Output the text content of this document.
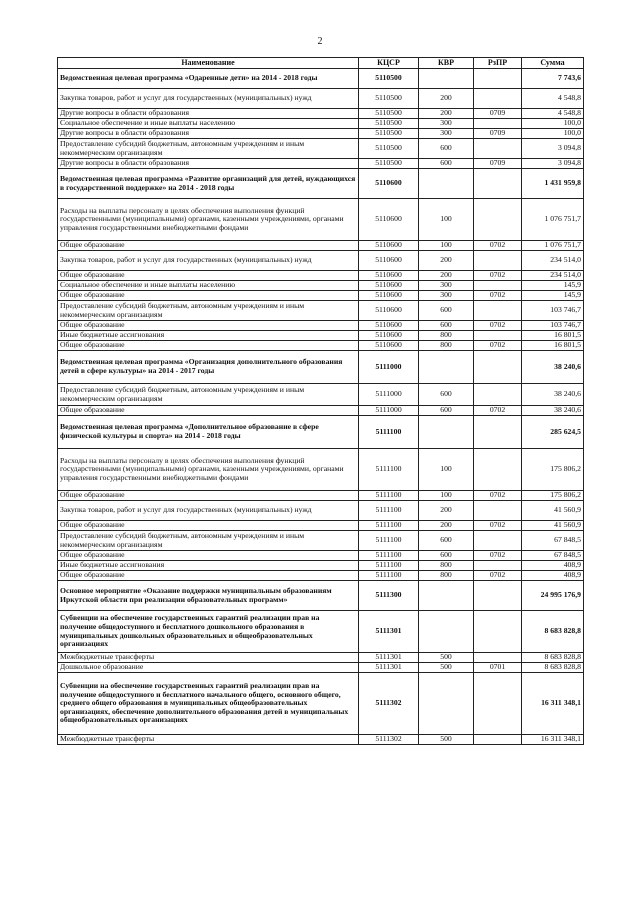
2
Наименование	КЦСР	КВР	РзПР	Сумма
Ведомственная целевая программа «Одаренные дети» на 2014 - 2018 годы	5110500			7 743,6
Закупка товаров, работ и услуг для государственных (муниципальных) нужд	5110500	200		4 548,8
Другие вопросы в области образования	5110500	200	0709	4 548,8
Социальное обеспечение и иные выплаты населению	5110500	300		100,0
Другие вопросы в области образования	5110500	300	0709	100,0
Предоставление субсидий бюджетным, автономным учреждениям и иным некоммерческим организациям	5110500	600		3 094,8
Другие вопросы в области образования	5110500	600	0709	3 094,8
Ведомственная целевая программа «Развитие организаций для детей, нуждающихся в государственной поддержке» на 2014 - 2018 годы	5110600			1 431 959,8
Расходы на выплаты персоналу в целях обеспечения выполнения функций государственными (муниципальными) органами, казенными учреждениями, органами управления государственными внебюджетными фондами	5110600	100		1 076 751,7
Общее образование	5110600	100	0702	1 076 751,7
Закупка товаров, работ и услуг для государственных (муниципальных) нужд	5110600	200		234 514,0
Общее образование	5110600	200	0702	234 514,0
Социальное обеспечение и иные выплаты населению	5110600	300		145,9
Общее образование	5110600	300	0702	145,9
Предоставление субсидий бюджетным, автономным учреждениям и иным некоммерческим организациям	5110600	600		103 746,7
Общее образование	5110600	600	0702	103 746,7
Иные бюджетные ассигнования	5110600	800		16 801,5
Общее образование	5110600	800	0702	16 801,5
Ведомственная целевая программа «Организация дополнительного образования детей в сфере культуры» на 2014 - 2017 годы	5111000			38 240,6
Предоставление субсидий бюджетным, автономным учреждениям и иным некоммерческим организациям	5111000	600		38 240,6
Общее образование	5111000	600	0702	38 240,6
Ведомственная целевая программа «Дополнительное образование в сфере физической культуры и спорта» на 2014 - 2018 годы	5111100			285 624,5
Расходы на выплаты персоналу в целях обеспечения выполнения функций государственными (муниципальными) органами, казенными учреждениями, органами управления государственными внебюджетными фондами	5111100	100		175 806,2
Общее образование	5111100	100	0702	175 806,2
Закупка товаров, работ и услуг для государственных (муниципальных) нужд	5111100	200		41 560,9
Общее образование	5111100	200	0702	41 560,9
Предоставление субсидий бюджетным, автономным учреждениям и иным некоммерческим организациям	5111100	600		67 848,5
Общее образование	5111100	600	0702	67 848,5
Иные бюджетные ассигнования	5111100	800		408,9
Общее образование	5111100	800	0702	408,9
Основное мероприятие «Оказание поддержки муниципальным образованиям Иркутской области при реализации образовательных программ»	5111300			24 995 176,9
Субвенции на обеспечение государственных гарантий реализации прав на получение общедоступного и бесплатного дошкольного образования в муниципальных дошкольных образовательных и общеобразовательных организациях	5111301			8 683 828,8
Межбюджетные трансферты	5111301	500		8 683 828,8
Дошкольное образование	5111301	500	0701	8 683 828,8
Субвенции на обеспечение государственных гарантий реализации прав на получение общедоступного и бесплатного начального общего, основного общего, среднего общего образования в муниципальных общеобразовательных организациях, обеспечение дополнительного образования детей в муниципальных общеобразовательных организациях	5111302			16 311 348,1
Межбюджетные трансферты	5111302	500		16 311 348,1
